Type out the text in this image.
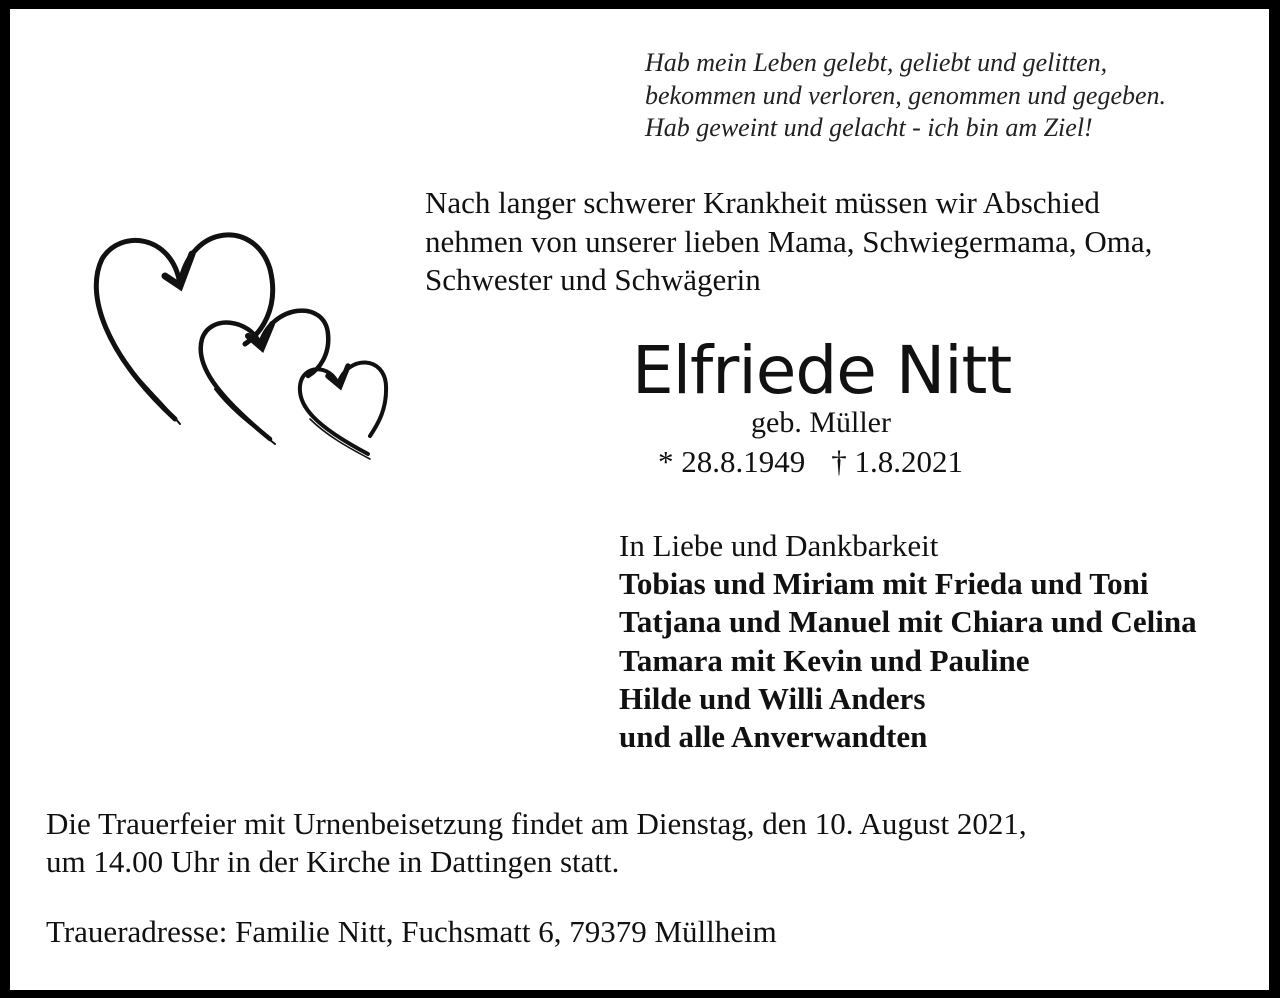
Hab mein Leben gelebt, geliebt und gelitten,
bekommen und verloren, genommen und gegeben.
Hab geweint und gelacht - ich bin am Ziel!
Nach langer schwerer Krankheit müssen wir Abschied
nehmen von unserer lieben Mama, Schwiegermama, Oma,
Schwester und Schwägerin
Elfriede Nitt
geb. Müller
* 28.8.1949 † 1.8.2021
In Liebe und Dankbarkeit
Tobias und Miriam mit Frieda und Toni
Tatjana und Manuel mit Chiara und Celina
Tamara mit Kevin und Pauline
Hilde und Willi Anders
und alle Anverwandten
Die Trauerfeier mit Urnenbeisetzung findet am Dienstag, den 10. August 2021,
um 14.00 Uhr in der Kirche in Dattingen statt.
Traueradresse: Familie Nitt, Fuchsmatt 6, 79379 Müllheim
